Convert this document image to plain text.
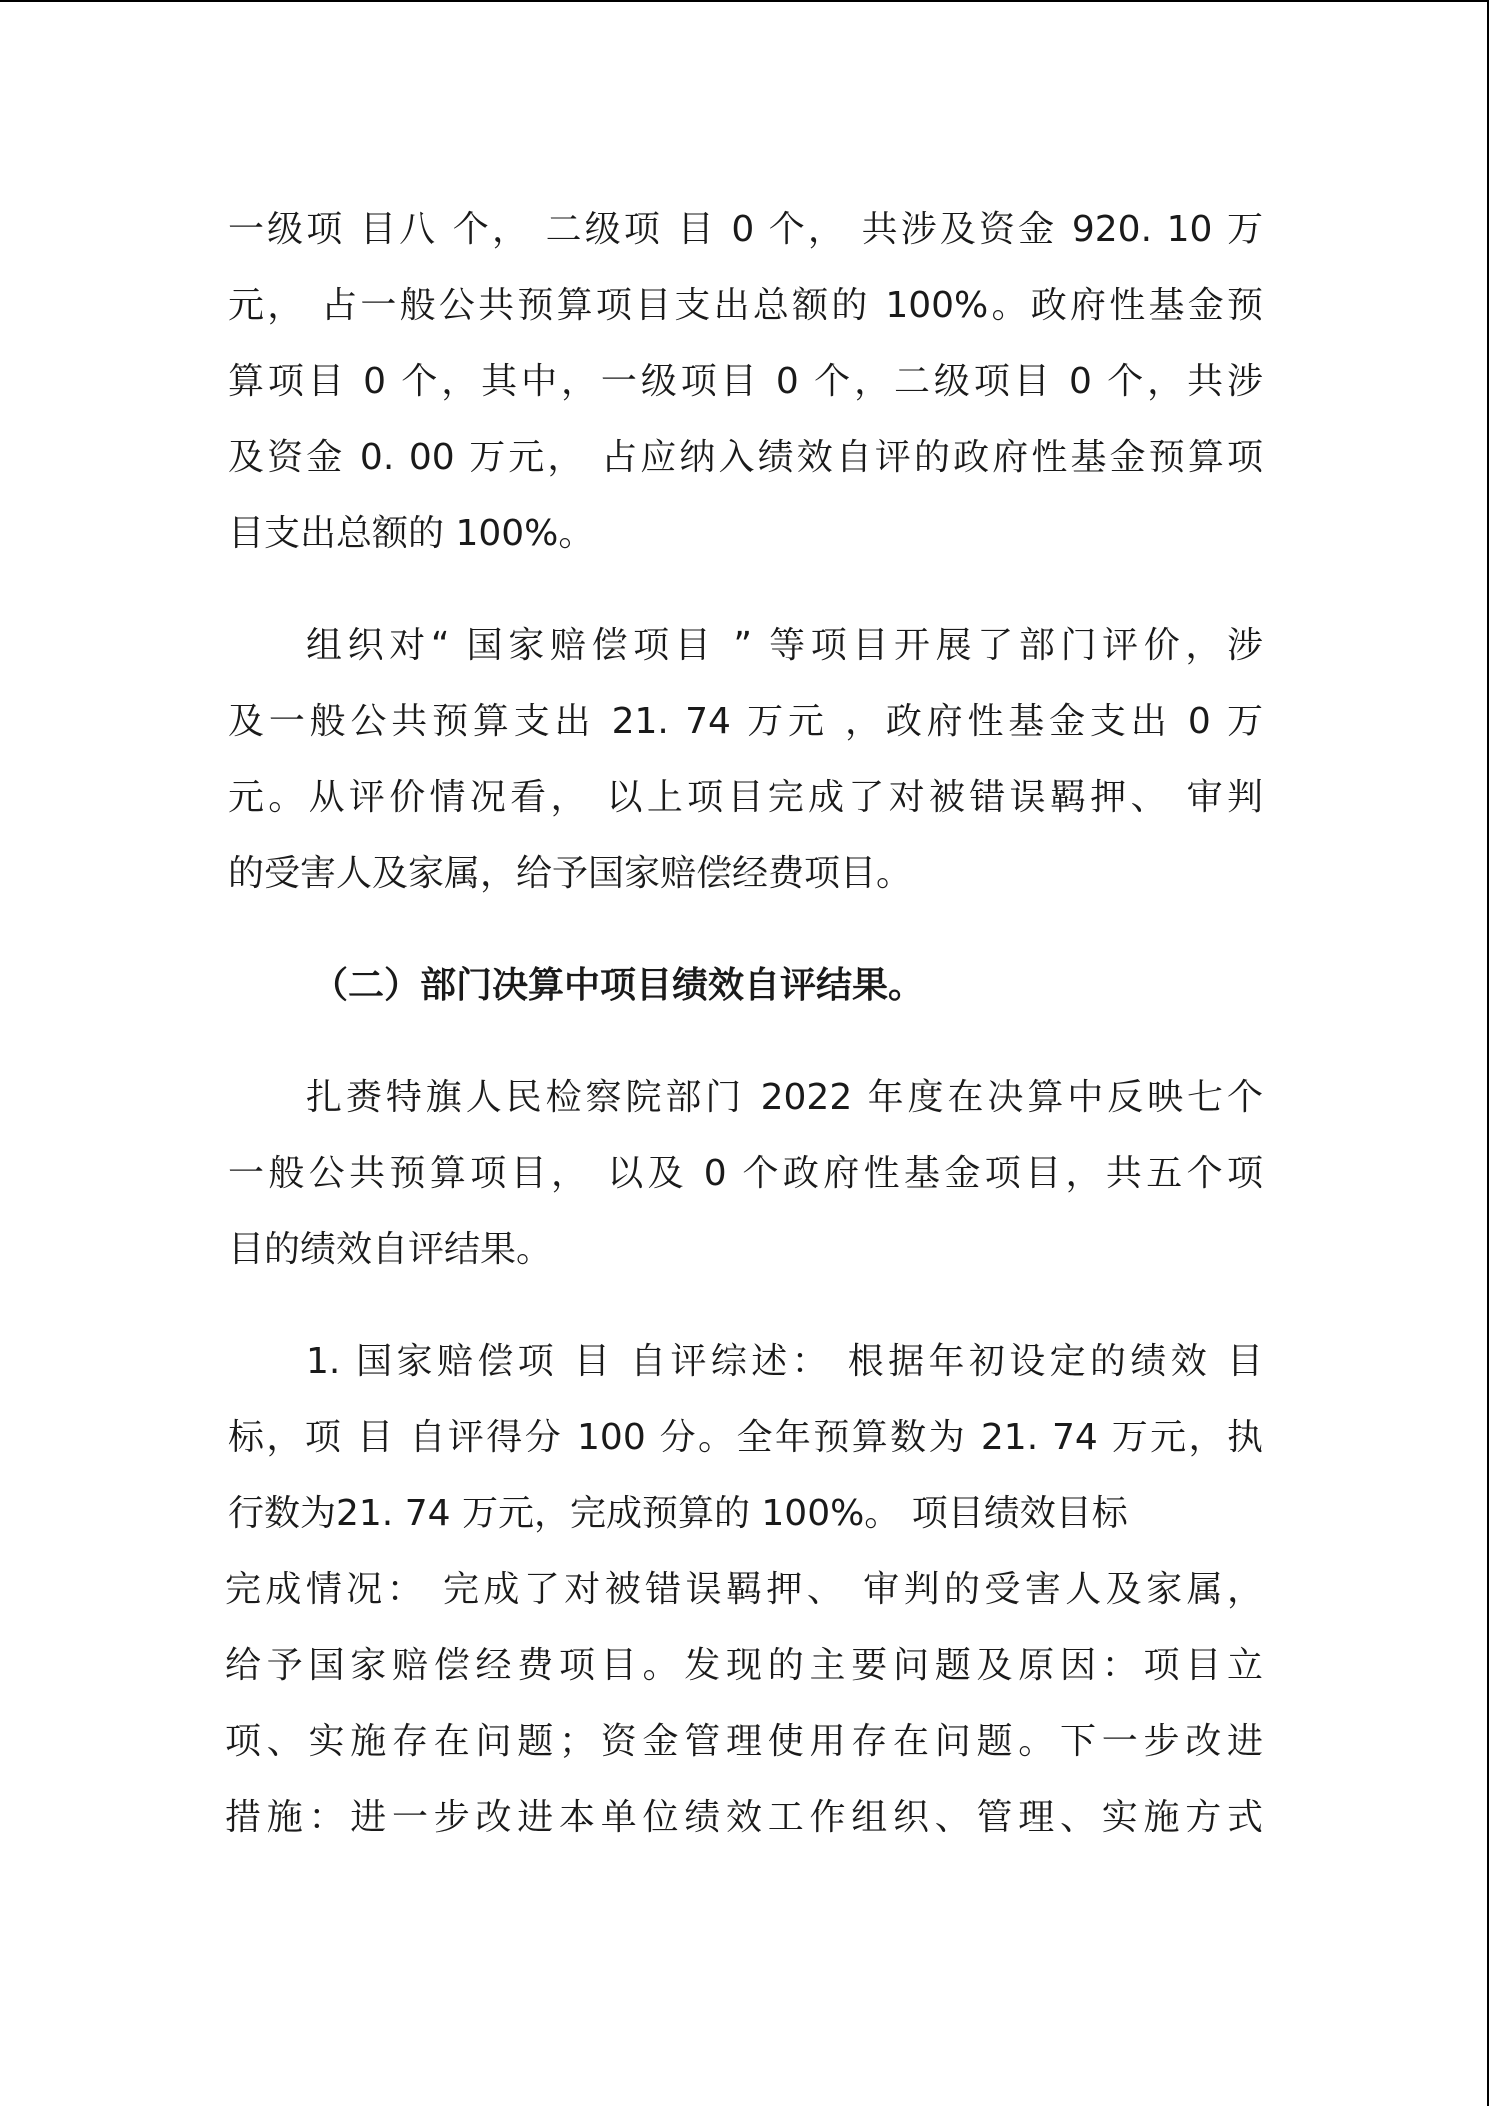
一级项 目八 个， 二级项 目 0 个， 共涉及资金 920. 10 万
元， 占一般公共预算项目支出总额的 100%。政府性基金预
算项目 0 个，其中，一级项目 0 个，二级项目 0 个，共涉
及资金 0. 00 万元， 占应纳入绩效自评的政府性基金预算项
目支出总额的 100%。
组织对“ 国家赔偿项目 ” 等项目开展了部门评价，涉
及一般公共预算支出 21. 74 万元 ，政府性基金支出 0 万
元。从评价情况看， 以上项目完成了对被错误羁押、 审判
的受害人及家属，给予国家赔偿经费项目。
（二）部门决算中项目绩效自评结果。
扎赉特旗人民检察院部门 2022 年度在决算中反映七个
一般公共预算项目， 以及 0 个政府性基金项目，共五个项
目的绩效自评结果。
1. 国家赔偿项 目 自评综述： 根据年初设定的绩效 目
标，项 目 自评得分 100 分。全年预算数为 21. 74 万元，执
行数为21. 74 万元，完成预算的 100%。 项目绩效目标
完成情况： 完成了对被错误羁押、 审判的受害人及家属，
给予国家赔偿经费项目。发现的主要问题及原因：项目立
项、实施存在问题；资金管理使用存在问题。下一步改进
措施：进一步改进本单位绩效工作组织、管理、实施方式
